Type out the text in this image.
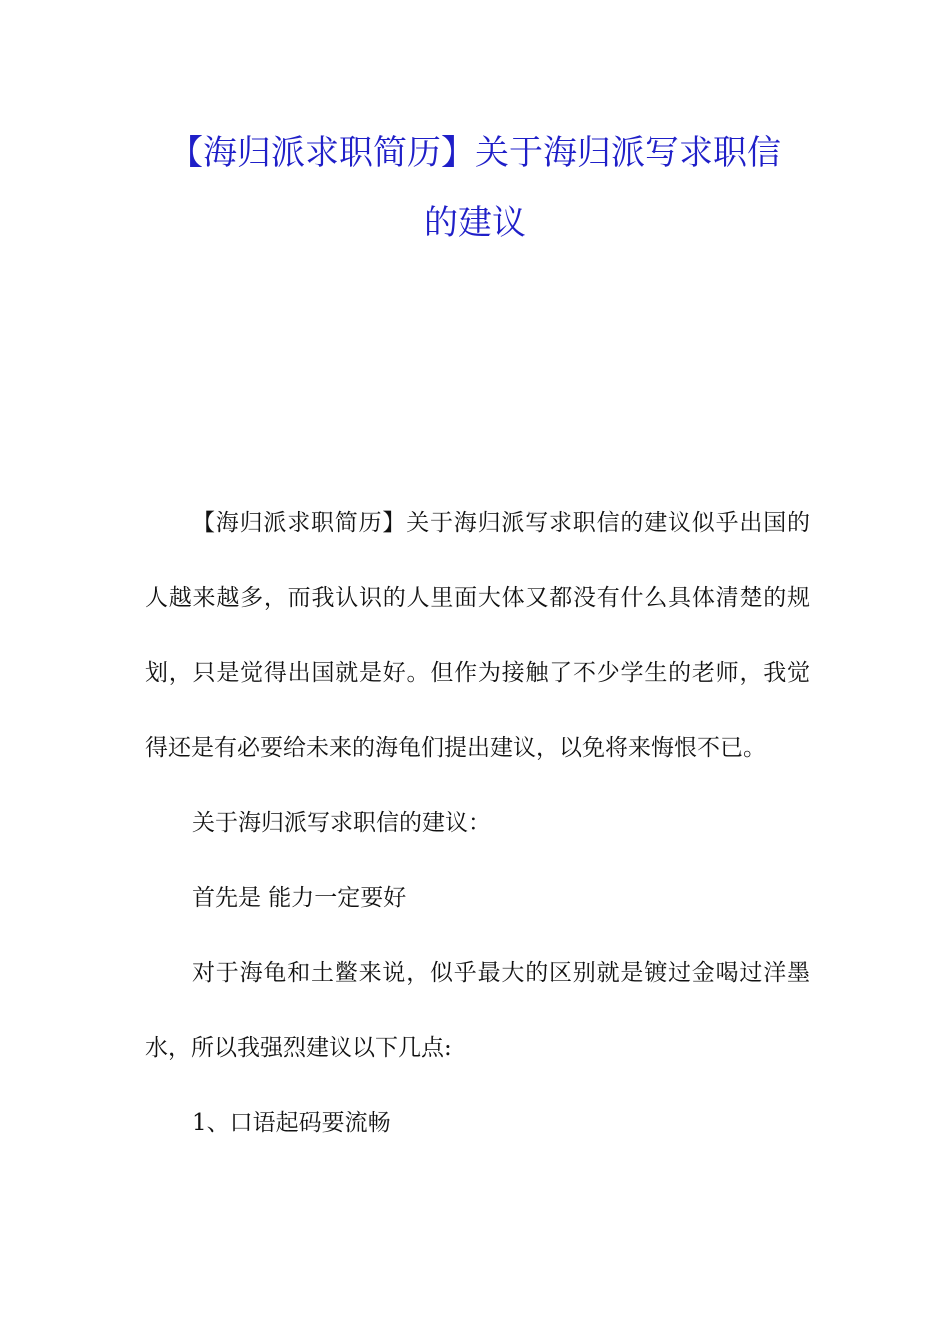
【海归派求职简历】关于海归派写求职信
的建议

【海归派求职简历】关于海归派写求职信的建议似乎出国的人越来越多，而我认识的人里面大体又都没有什么具体清楚的规划，只是觉得出国就是好。但作为接触了不少学生的老师，我觉得还是有必要给未来的海龟们提出建议，以免将来悔恨不已。

关于海归派写求职信的建议：

首先是 能力一定要好

对于海龟和土鳖来说，似乎最大的区别就是镀过金喝过洋墨水，所以我强烈建议以下几点:

1、口语起码要流畅
